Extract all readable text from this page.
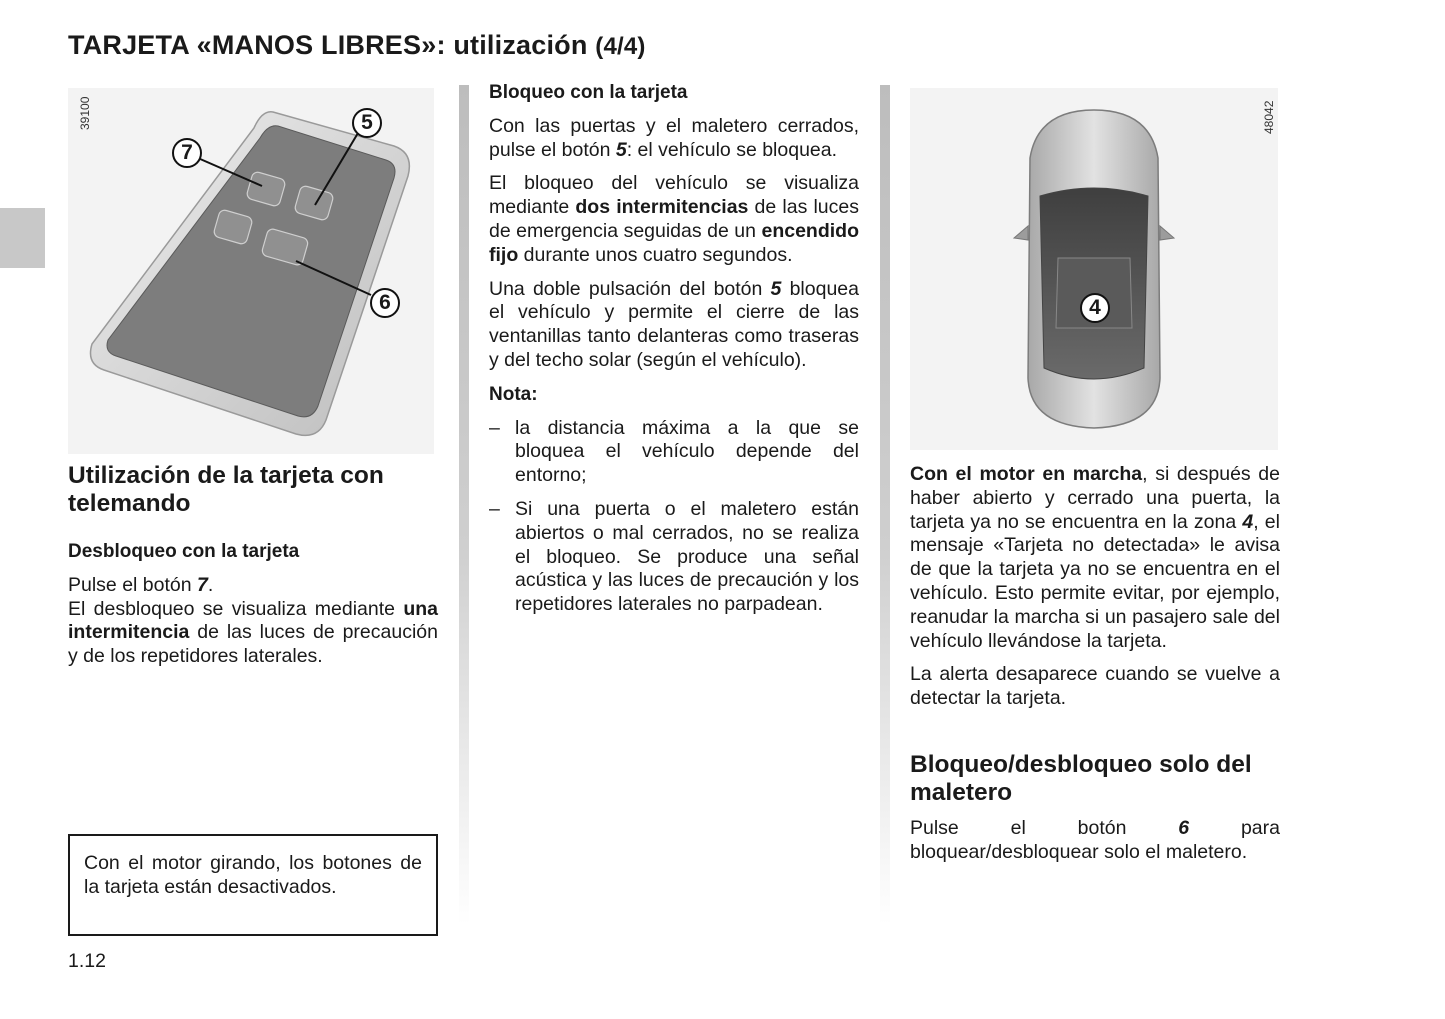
TARJETA «MANOS LIBRES»: utilización (4/4)
39100
7
5
6
Utilización de la tarjeta con telemando
Desbloqueo con la tarjeta

Pulse el botón 7.

El desbloqueo se visualiza mediante una intermitencia de las luces de precaución y de los repetidores laterales.

Con el motor girando, los botones de la tarjeta están desactivados.
1.12
Bloqueo con la tarjeta

Con las puertas y el maletero cerrados, pulse el botón 5: el vehículo se bloquea.

El bloqueo del vehículo se visualiza mediante dos intermitencias de las luces de emergencia seguidas de un encendido fijo durante unos cuatro segundos.

Una doble pulsación del botón 5 bloquea el vehículo y permite el cierre de las ventanillas tanto delanteras como traseras y del techo solar (según el vehículo).

Nota:
– la distancia máxima a la que se bloquea el vehículo depende del entorno;
– Si una puerta o el maletero están abiertos o mal cerrados, no se realiza el bloqueo. Se produce una señal acústica y las luces de precaución y los repetidores laterales no parpadean.
48042
4

Con el motor en marcha, si después de haber abierto y cerrado una puerta, la tarjeta ya no se encuentra en la zona 4, el mensaje «Tarjeta no detectada» le avisa de que la tarjeta ya no se encuentra en el vehículo. Esto permite evitar, por ejemplo, reanudar la marcha si un pasajero sale del vehículo llevándose la tarjeta.

La alerta desaparece cuando se vuelve a detectar la tarjeta.

Bloqueo/desbloqueo solo del maletero

Pulse el botón 6 para bloquear/desbloquear solo el maletero.
